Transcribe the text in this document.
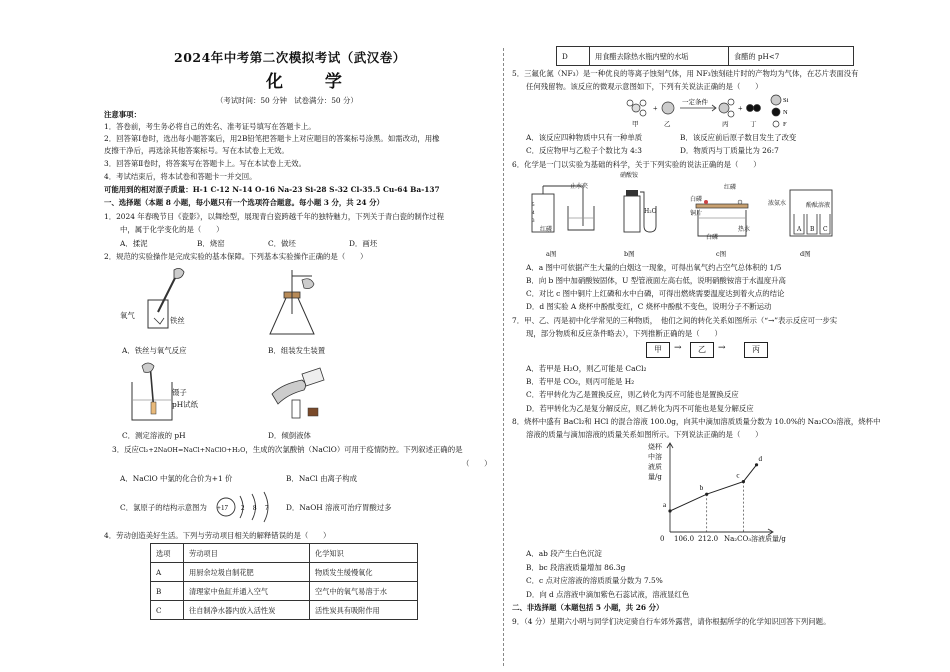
2024年中考第二次模拟考试（武汉卷）
化 学
（考试时间：50 分钟　试卷满分：50 分）
注意事项：
1．答卷前，考生务必将自己的姓名、准考证号填写在答题卡上。
2．回答第Ⅰ卷时，选出每小题答案后，用2B铅笔把答题卡上对应题目的答案标号涂黑。如需改动，用橡
皮擦干净后，再选涂其他答案标号。写在本试卷上无效。
3．回答第Ⅱ卷时，将答案写在答题卡上。写在本试卷上无效。
4．考试结束后，将本试卷和答题卡一并交回。
可能用到的相对原子质量：H-1 C-12 N-14 O-16 Na-23 Si-28 S-32 Cl-35.5 Cu-64 Ba-137
一、选择题（本题 8 小题，每小题只有一个选项符合题意。每小题 3 分，共 24 分）
1．2024 年春晚节目《瓷影》，以舞绘型，展现青白瓷跨越千年的独特魅力，下列关于青白瓷的制作过程
中，属于化学变化的是（　　）
A．揉泥	B．烧窑	C．做坯	D．画坯
2．规范的实验操作是完成实验的基本保障。下列基本实验操作正确的是（　　）
氧气
铁丝
A．铁丝与氧气反应	B．组装发生装置
镊子
pH试纸
C．测定溶液的 pH	D．倾倒液体
3．反应Cl₂+2NaOH=NaCl+NaClO+H₂O，生成的次氯酸钠（NaClO）可用于疫情防控。下列叙述正确的是
（　　）
A．NaClO 中氯的化合价为+1 价	B．NaCl 由离子构成
C．氯原子的结构示意图为 +17 2 8 7 D．NaOH 溶液可治疗胃酸过多
4．劳动创造美好生活。下列与劳动项目相关的解释错误的是（　　）
选项	劳动项目	化学知识
A	用厨余垃圾自制花肥	物质发生缓慢氧化
B	清理家中鱼缸并通入空气	空气中的氧气易溶于水
C	往自制净水器内放入活性炭	活性炭具有吸附作用
D	用食醋去除热水瓶内壁的水垢	食醋的 pH<7
5．三氟化氮（NF₃）是一种优良的等离子蚀刻气体，用 NF₃蚀刻硅片时的产物均为气体，在芯片表面没有
任何残留物。该反应的微观示意图如下，下列有关说法正确的是（　　）
+
一定条件
+
Si
N
F
甲	乙	丙	丁
A．该反应四种物质中只有一种单质	B．该反应前后原子数目发生了改变
C．反应物甲与乙粒子个数比为 4:3	D．物质丙与丁质量比为 26:7
6．化学是一门以实验为基础的科学，关于下列实验的说法正确的是（　　）
5
4
3
止水夹
红磷
a图
硝酸铵
H₂O
b图
红磷
白磷
铜片
热水
白磷
c图
浓氨水	酚酞溶液
A B C
d图
A．a 图中可依据产生大量的白烟这一现象，可得出氧气约占空气总体积的 1/5
B．向 b 图中加硝酸铵固体，U 型管液面左高右低，说明硝酸铵溶于水温度升高
C．对比 c 图中铜片上红磷和水中白磷，可得出燃烧需要温度达到着火点的结论
D．d 图实验 A 烧杯中酚酞变红，C 烧杯中酚酞不变色，说明分子不断运动
7．甲、乙、丙是初中化学常见的三种物质，　他们之间的转化关系如图所示（“→”表示反应可一步实
现，部分物质和反应条件略去），下列推断正确的是（　　）
甲	→	乙	→	丙
A．若甲是 H₂O，则乙可能是 CaCl₂
B．若甲是 CO₂，则丙可能是 H₂
C．若甲转化为乙是置换反应，则乙转化为丙不可能也是置换反应
D．若甲转化为乙是复分解反应，则乙转化为丙不可能也是复分解反应
8．烧杯中盛有 BaCl₂和 HCl 的混合溶液 100.0g，向其中滴加溶质质量分数为 10.0%的 Na₂CO₃溶液，烧杯中
溶液的质量与滴加溶液的质量关系如图所示。下列说法正确的是（　　）
烧杯
中溶
液质
量/g
a
b
c
d
0 106.0 212.0 Na₂CO₃溶液质量/g
A．ab 段产生白色沉淀
B．bc 段溶液质量增加 86.3g
C．c 点对应溶液的溶质质量分数为 7.5%
D．向 d 点溶液中滴加紫色石蕊试液，溶液显红色
二、非选择题（本题包括 5 小题，共 26 分）
9．（4 分）星期六小明与同学们决定骑自行车郊外露营，请你根据所学的化学知识回答下列问题。
